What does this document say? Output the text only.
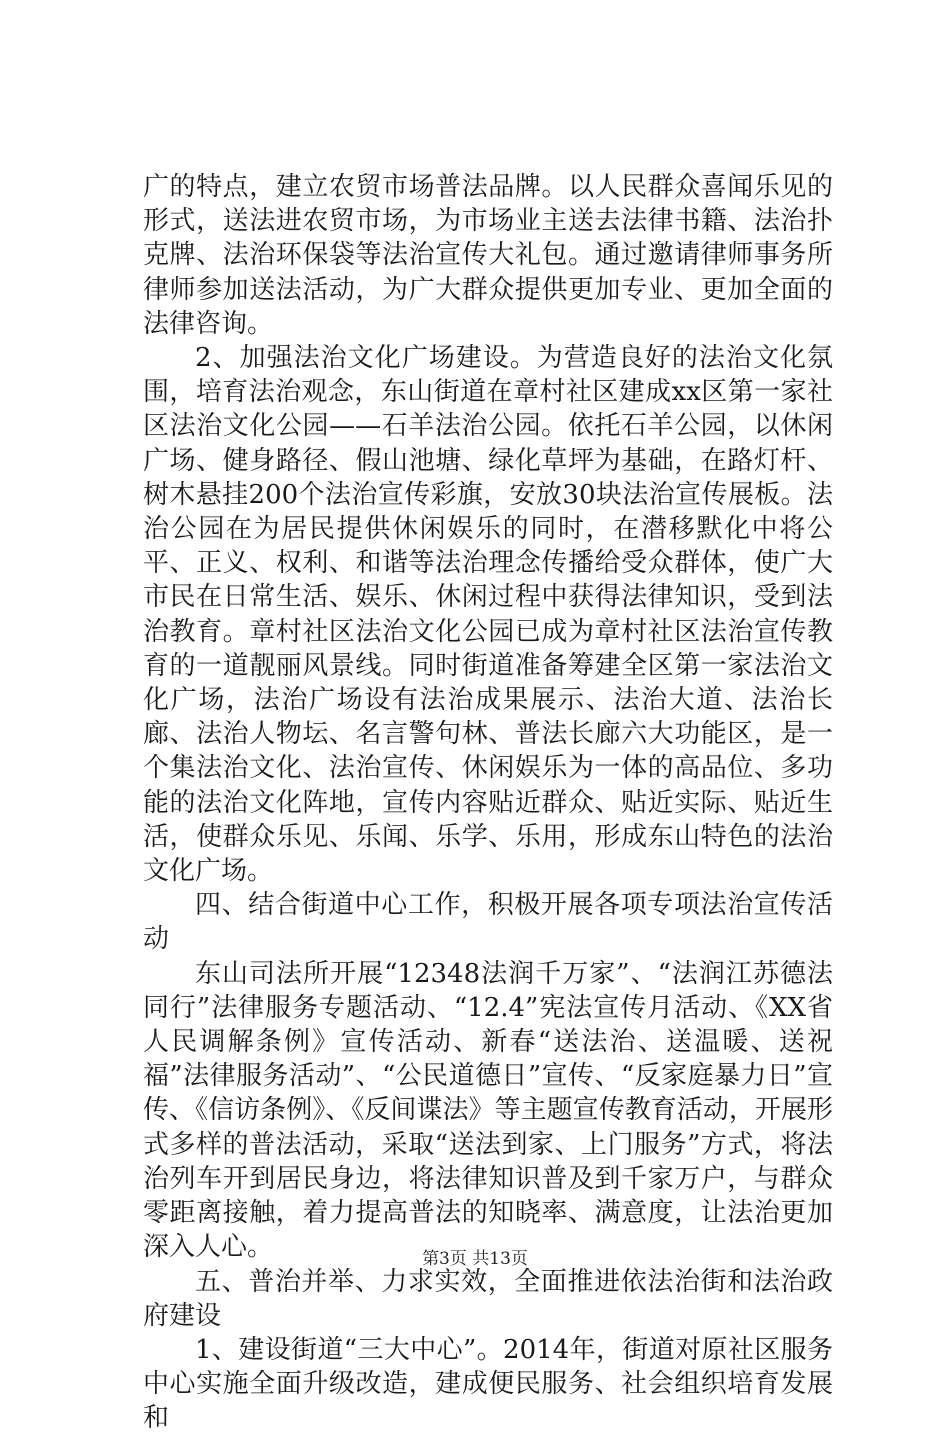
广的特点，建立农贸市场普法品牌。以人民群众喜闻乐见的形式，送法进农贸市场，为市场业主送去法律书籍、法治扑克牌、法治环保袋等法治宣传大礼包。通过邀请律师事务所律师参加送法活动，为广大群众提供更加专业、更加全面的法律咨询。

2、加强法治文化广场建设。为营造良好的法治文化氛围，培育法治观念，东山街道在章村社区建成xx区第一家社区法治文化公园——石羊法治公园。依托石羊公园，以休闲广场、健身路径、假山池塘、绿化草坪为基础，在路灯杆、树木悬挂200个法治宣传彩旗，安放30块法治宣传展板。法治公园在为居民提供休闲娱乐的同时，在潜移默化中将公平、正义、权利、和谐等法治理念传播给受众群体，使广大市民在日常生活、娱乐、休闲过程中获得法律知识，受到法治教育。章村社区法治文化公园已成为章村社区法治宣传教育的一道靓丽风景线。同时街道准备筹建全区第一家法治文化广场，法治广场设有法治成果展示、法治大道、法治长廊、法治人物坛、名言警句林、普法长廊六大功能区，是一个集法治文化、法治宣传、休闲娱乐为一体的高品位、多功能的法治文化阵地，宣传内容贴近群众、贴近实际、贴近生活，使群众乐见、乐闻、乐学、乐用，形成东山特色的法治文化广场。

四、结合街道中心工作，积极开展各项专项法治宣传活动

东山司法所开展“12348法润千万家”、“法润江苏德法同行”法律服务专题活动、“12.4”宪法宣传月活动、《XX省人民调解条例》宣传活动、新春“送法治、送温暖、送祝福”法律服务活动”、“公民道德日”宣传、“反家庭暴力日”宣传、《信访条例》、《反间谍法》等主题宣传教育活动，开展形式多样的普法活动，采取“送法到家、上门服务”方式，将法治列车开到居民身边，将法律知识普及到千家万户，与群众零距离接触，着力提高普法的知晓率、满意度，让法治更加深入人心。

五、普治并举、力求实效，全面推进依法治街和法治政府建设

1、建设街道“三大中心”。2014年，街道对原社区服务中心实施全面升级改造，建成便民服务、社会组织培育发展和

第3页 共13页
